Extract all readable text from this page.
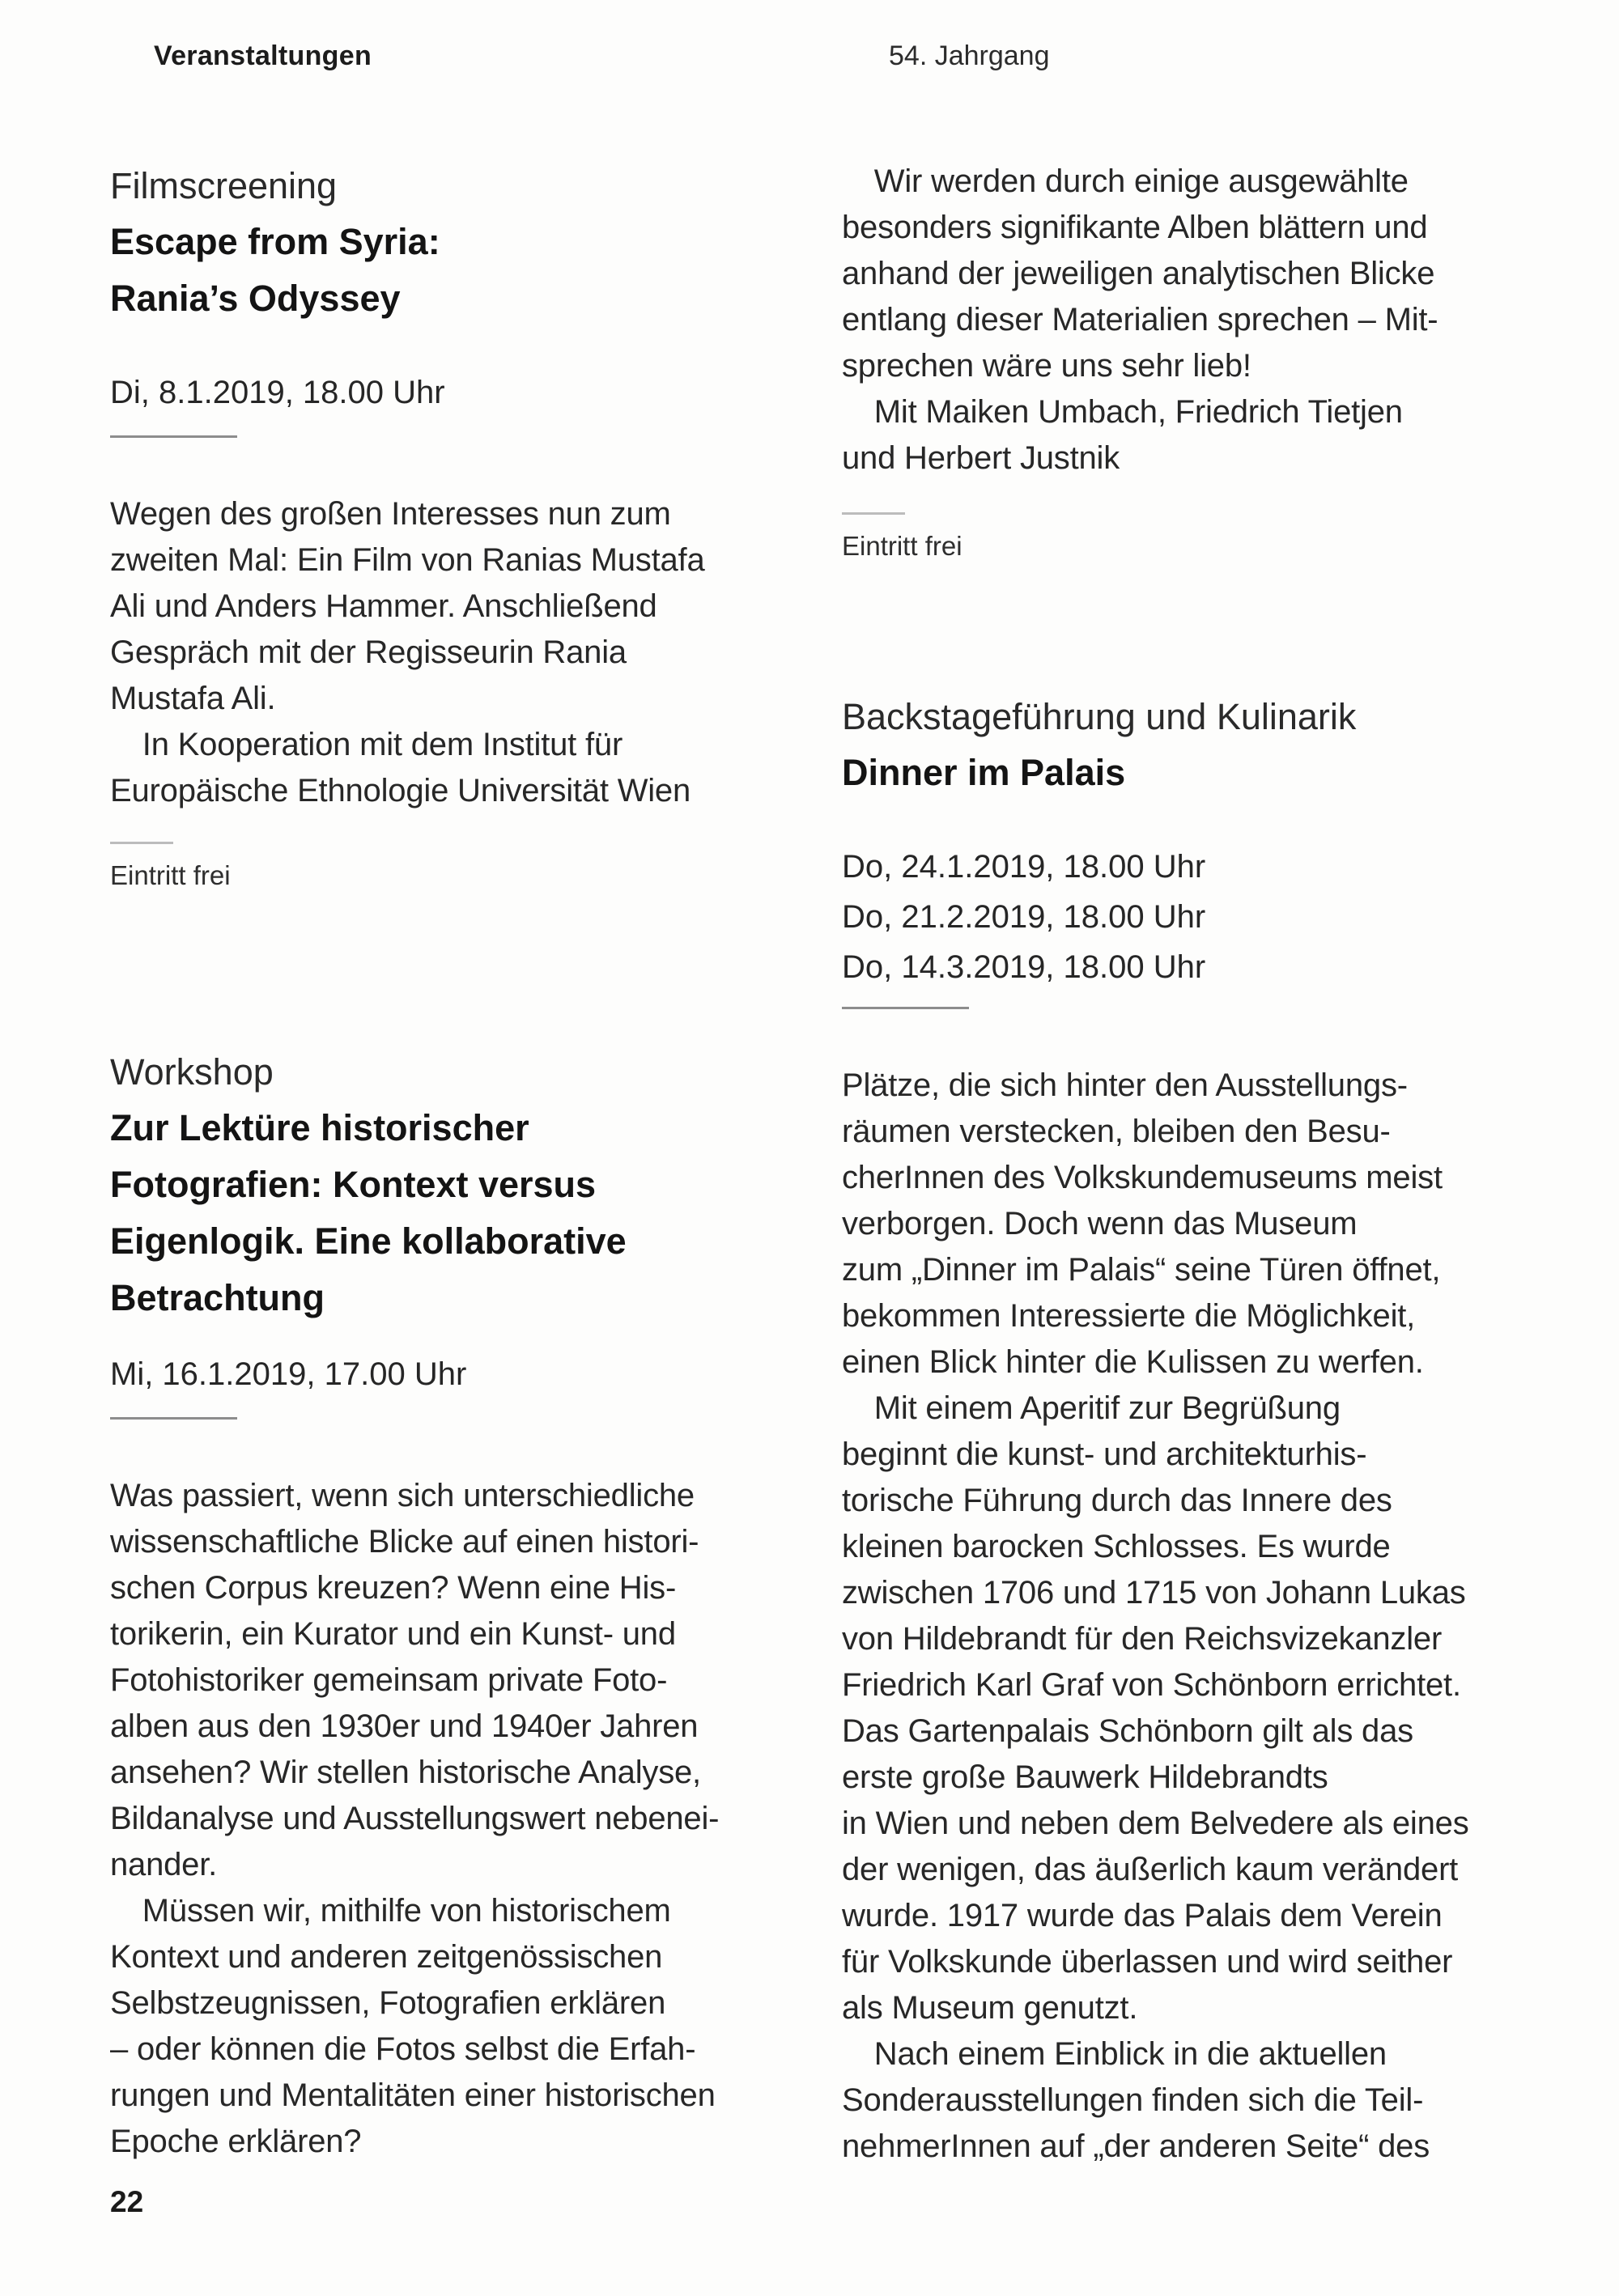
Veranstaltungen	54. Jahrgang
Filmscreening
Escape from Syria:
Rania’s Odyssey
Di, 8.1.2019, 18.00 Uhr
Wegen des großen Interesses nun zum
zweiten Mal: Ein Film von Ranias Mustafa
Ali und Anders Hammer. Anschließend
Gespräch mit der Regisseurin Rania
Mustafa Ali.
 In Kooperation mit dem Institut für
Europäische Ethnologie Universität Wien
Eintritt frei
Workshop
Zur Lektüre historischer
Fotografien: Kontext versus
Eigenlogik. Eine kollaborative
Betrachtung
Mi, 16.1.2019, 17.00 Uhr
Was passiert, wenn sich unterschiedliche
wissenschaftliche Blicke auf einen histori-
schen Corpus kreuzen? Wenn eine His-
torikerin, ein Kurator und ein Kunst- und
Fotohistoriker gemeinsam private Foto-
alben aus den 1930er und 1940er Jahren
ansehen? Wir stellen historische Analyse,
Bildanalyse und Ausstellungswert nebenei-
nander.
 Müssen wir, mithilfe von historischem
Kontext und anderen zeitgenössischen
Selbstzeugnissen, Fotografien erklären
– oder können die Fotos selbst die Erfah-
rungen und Mentalitäten einer historischen
Epoche erklären?
 Wir werden durch einige ausgewählte
besonders signifikante Alben blättern und
anhand der jeweiligen analytischen Blicke
entlang dieser Materialien sprechen – Mit-
sprechen wäre uns sehr lieb!
 Mit Maiken Umbach, Friedrich Tietjen
und Herbert Justnik
Eintritt frei
Backstageführung und Kulinarik
Dinner im Palais
Do, 24.1.2019, 18.00 Uhr
Do, 21.2.2019, 18.00 Uhr
Do, 14.3.2019, 18.00 Uhr
Plätze, die sich hinter den Ausstellungs-
räumen verstecken, bleiben den Besu-
cherInnen des Volkskundemuseums meist
verborgen. Doch wenn das Museum
zum „Dinner im Palais“ seine Türen öffnet,
bekommen Interessierte die Möglichkeit,
einen Blick hinter die Kulissen zu werfen.
 Mit einem Aperitif zur Begrüßung
beginnt die kunst- und architekturhis-
torische Führung durch das Innere des
kleinen barocken Schlosses. Es wurde
zwischen 1706 und 1715 von Johann Lukas
von Hildebrandt für den Reichsvizekanzler
Friedrich Karl Graf von Schönborn errichtet.
Das Gartenpalais Schönborn gilt als das
erste große Bauwerk Hildebrandts
in Wien und neben dem Belvedere als eines
der wenigen, das äußerlich kaum verändert
wurde. 1917 wurde das Palais dem Verein
für Volkskunde überlassen und wird seither
als Museum genutzt.
 Nach einem Einblick in die aktuellen
Sonderausstellungen finden sich die Teil-
nehmerInnen auf „der anderen Seite“ des
22
